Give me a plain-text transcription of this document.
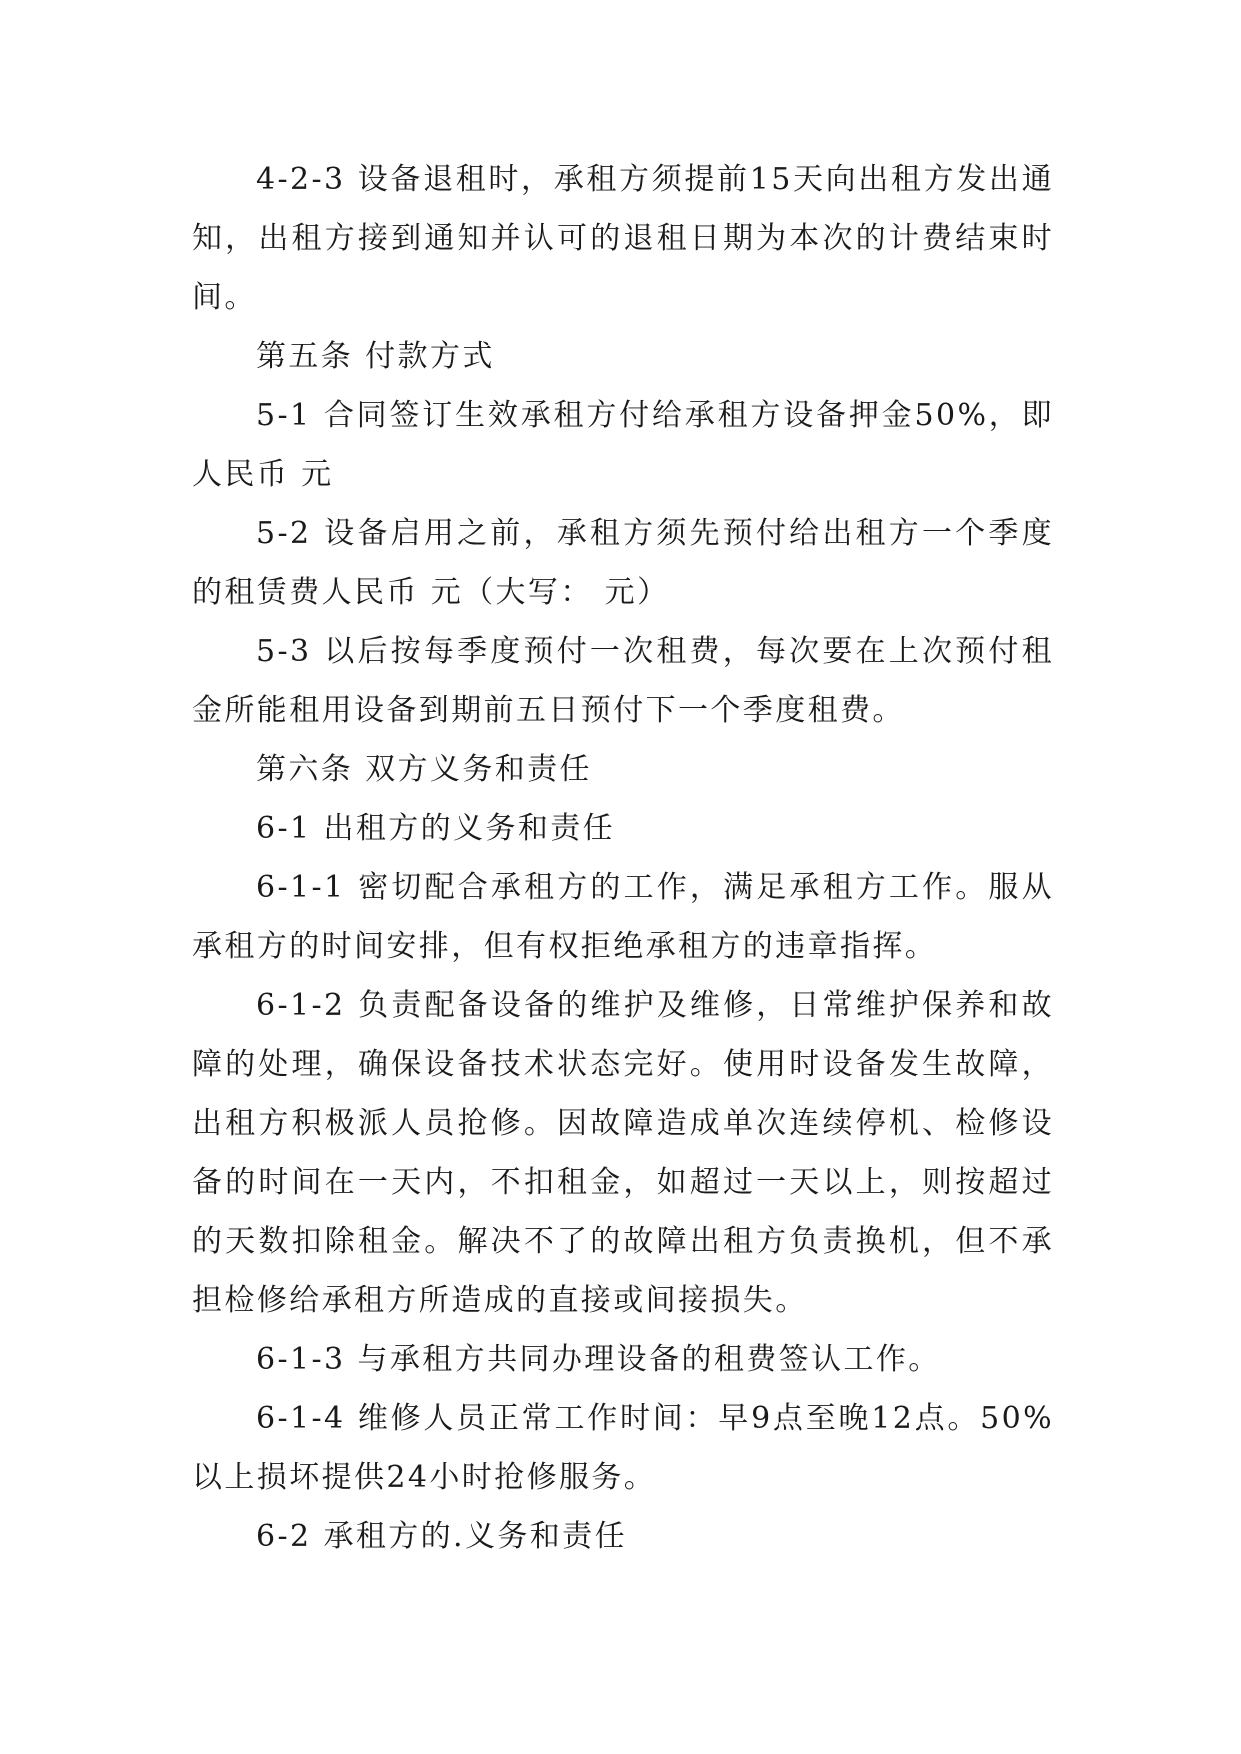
4-2-3 设备退租时，承租方须提前15天向出租方发出通知，出租方接到通知并认可的退租日期为本次的计费结束时间。

第五条 付款方式

5-1 合同签订生效承租方付给承租方设备押金50%，即人民币 元

5-2 设备启用之前，承租方须先预付给出租方一个季度的租赁费人民币 元（大写： 元）

5-3 以后按每季度预付一次租费，每次要在上次预付租金所能租用设备到期前五日预付下一个季度租费。

第六条 双方义务和责任

6-1 出租方的义务和责任

6-1-1 密切配合承租方的工作，满足承租方工作。服从承租方的时间安排，但有权拒绝承租方的违章指挥。

6-1-2 负责配备设备的维护及维修，日常维护保养和故障的处理，确保设备技术状态完好。使用时设备发生故障，出租方积极派人员抢修。因故障造成单次连续停机、检修设备的时间在一天内，不扣租金，如超过一天以上，则按超过的天数扣除租金。解决不了的故障出租方负责换机，但不承担检修给承租方所造成的直接或间接损失。

6-1-3 与承租方共同办理设备的租费签认工作。

6-1-4 维修人员正常工作时间：早9点至晚12点。50%以上损坏提供24小时抢修服务。

6-2 承租方的.义务和责任
